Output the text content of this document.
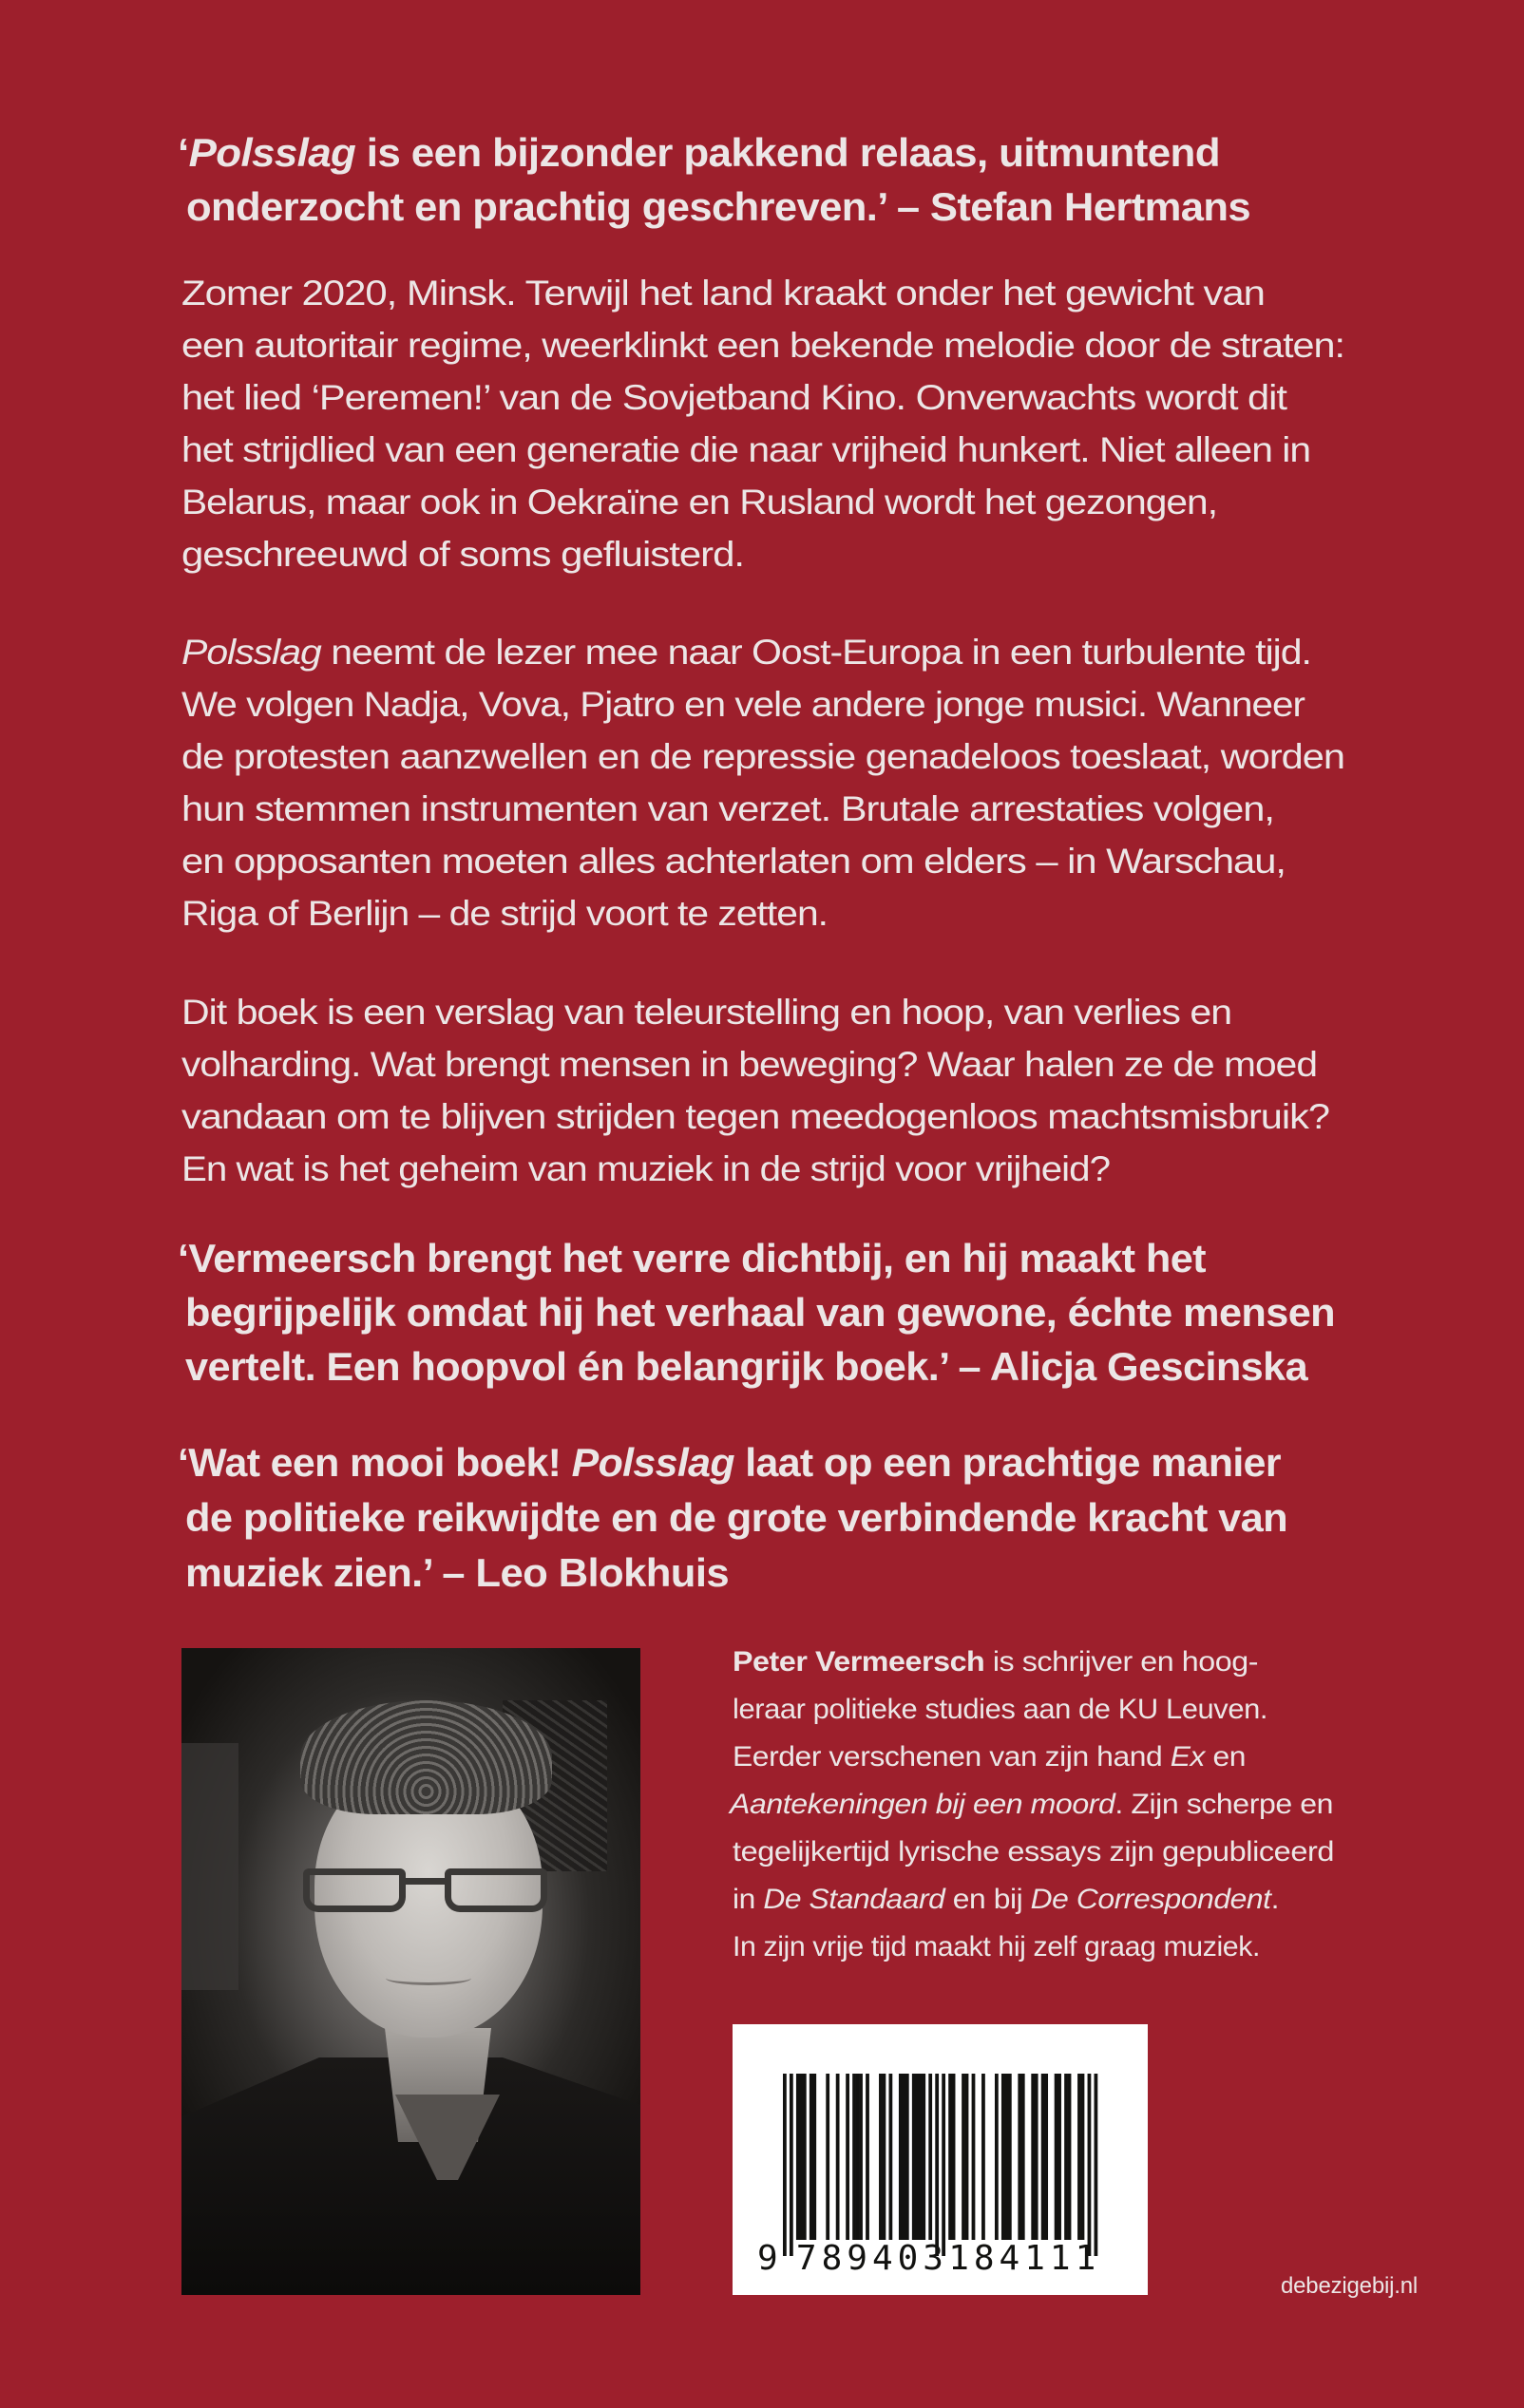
‘Polsslag is een bijzonder pakkend relaas, uitmuntend
onderzocht en prachtig geschreven.’ – Stefan Hertmans
Zomer 2020, Minsk. Terwijl het land kraakt onder het gewicht van
een autoritair regime, weerklinkt een bekende melodie door de straten:
het lied ‘Peremen!’ van de Sovjetband Kino. Onverwachts wordt dit
het strijdlied van een generatie die naar vrijheid hunkert. Niet alleen in
Belarus, maar ook in Oekraïne en Rusland wordt het gezongen,
geschreeuwd of soms gefluisterd.
Polsslag neemt de lezer mee naar Oost-Europa in een turbulente tijd.
We volgen Nadja, Vova, Pjatro en vele andere jonge musici. Wanneer
de protesten aanzwellen en de repressie genadeloos toeslaat, worden
hun stemmen instrumenten van verzet. Brutale arrestaties volgen,
en opposanten moeten alles achterlaten om elders – in Warschau,
Riga of Berlijn – de strijd voort te zetten.
Dit boek is een verslag van teleurstelling en hoop, van verlies en
volharding. Wat brengt mensen in beweging? Waar halen ze de moed
vandaan om te blijven strijden tegen meedogenloos machtsmisbruik?
En wat is het geheim van muziek in de strijd voor vrijheid?
‘Vermeersch brengt het verre dichtbij, en hij maakt het
begrijpelijk omdat hij het verhaal van gewone, échte mensen
vertelt. Een hoopvol én belangrijk boek.’ – Alicja Gescinska
‘Wat een mooi boek! Polsslag laat op een prachtige manier
de politieke reikwijdte en de grote verbindende kracht van
muziek zien.’ – Leo Blokhuis
Peter Vermeersch is schrijver en hoog-
leraar politieke studies aan de KU Leuven.
Eerder verschenen van zijn hand Ex en
Aantekeningen bij een moord. Zijn scherpe en
tegelijkertijd lyrische essays zijn gepubliceerd
in De Standaard en bij De Correspondent.
In zijn vrije tijd maakt hij zelf graag muziek.
9 789403 184111
debezigebij.nl
